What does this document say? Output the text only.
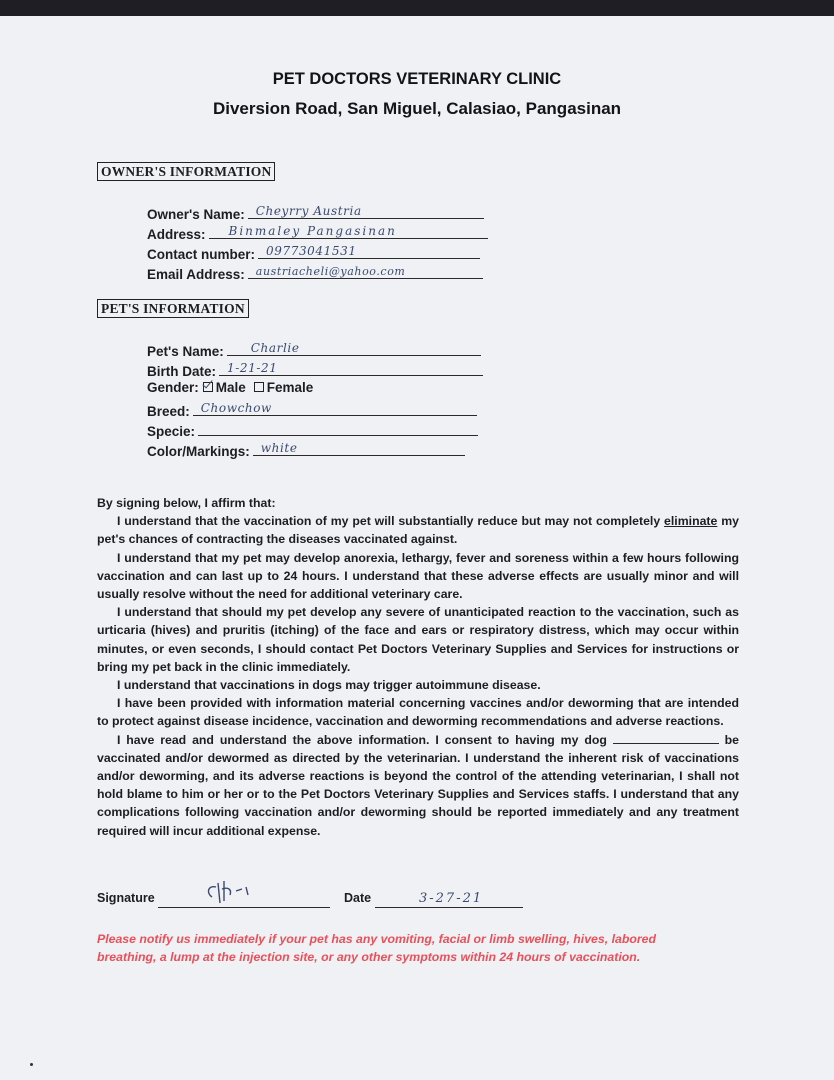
PET DOCTORS VETERINARY CLINIC
Diversion Road, San Miguel, Calasiao, Pangasinan
OWNER'S INFORMATION
Owner's Name: Cheyrry Austria
Address: Binmaley Pangasinan
Contact number: 09773041531
Email Address: austriacheli@yahoo.com
PET'S INFORMATION
Pet's Name: Charlie
Birth Date: 1-21-21
Gender: Male Female
Breed: Chowchow
Specie:
Color/Markings: white

By signing below, I affirm that:

I understand that the vaccination of my pet will substantially reduce but may not completely eliminate my pet's chances of contracting the diseases vaccinated against.

I understand that my pet may develop anorexia, lethargy, fever and soreness within a few hours following vaccination and can last up to 24 hours. I understand that these adverse effects are usually minor and will usually resolve without the need for additional veterinary care.

I understand that should my pet develop any severe of unanticipated reaction to the vaccination, such as urticaria (hives) and pruritis (itching) of the face and ears or respiratory distress, which may occur within minutes, or even seconds, I should contact Pet Doctors Veterinary Supplies and Services for instructions or bring my pet back in the clinic immediately.

I understand that vaccinations in dogs may trigger autoimmune disease.

I have been provided with information material concerning vaccines and/or deworming that are intended to protect against disease incidence, vaccination and deworming recommendations and adverse reactions.

I have read and understand the above information. I consent to having my dog	be vaccinated and/or dewormed as directed by the veterinarian. I understand the inherent risk of vaccinations and/or deworming, and its adverse reactions is beyond the control of the attending veterinarian, I shall not hold blame to him or her or to the Pet Doctors Veterinary Supplies and Services staffs. I understand that any complications following vaccination and/or deworming should be reported immediately and any treatment required will incur additional expense.

Signature	Date	3-27-21
Please notify us immediately if your pet has any vomiting, facial or limb swelling, hives, labored breathing, a lump at the injection site, or any other symptoms within 24 hours of vaccination.
